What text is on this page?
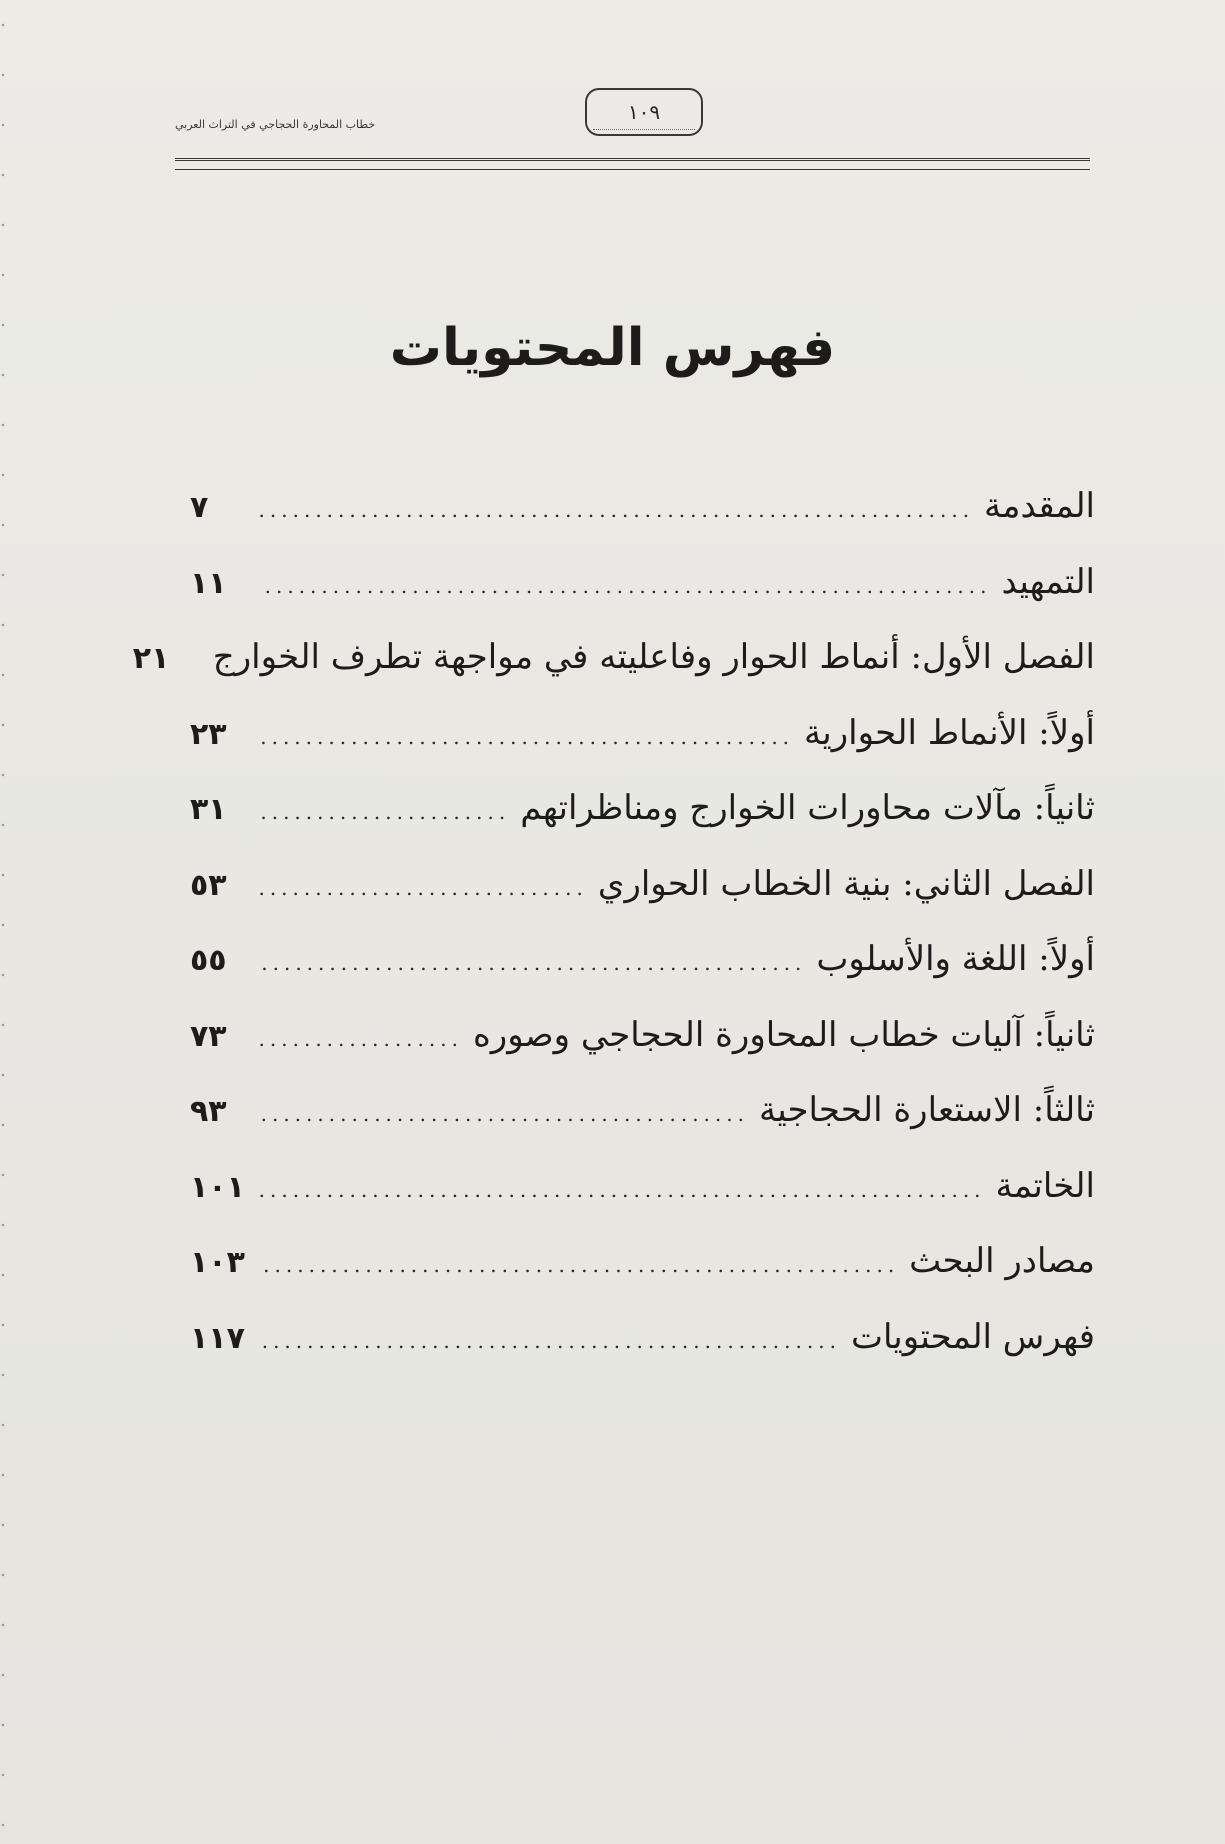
خطاب المحاورة الحجاجي في التراث العربي
١٠٩
فهرس المحتويات
المقدمة
.....
٧
التمهيد
.....
١١
الفصل الأول: أنماط الحوار وفاعليته في مواجهة تطرف الخوارج
٢١
أولاً: الأنماط الحوارية
.....
٢٣
ثانياً: مآلات محاورات الخوارج ومناظراتهم
.....
٣١
الفصل الثاني: بنية الخطاب الحواري
.....
٥٣
أولاً: اللغة والأسلوب
.....
٥٥
ثانياً: آليات خطاب المحاورة الحجاجي وصوره
.....
٧٣
ثالثاً: الاستعارة الحجاجية
.....
٩٣
الخاتمة
.....
١٠١
مصادر البحث
.....
١٠٣
فهرس المحتويات
.....
١١٧
